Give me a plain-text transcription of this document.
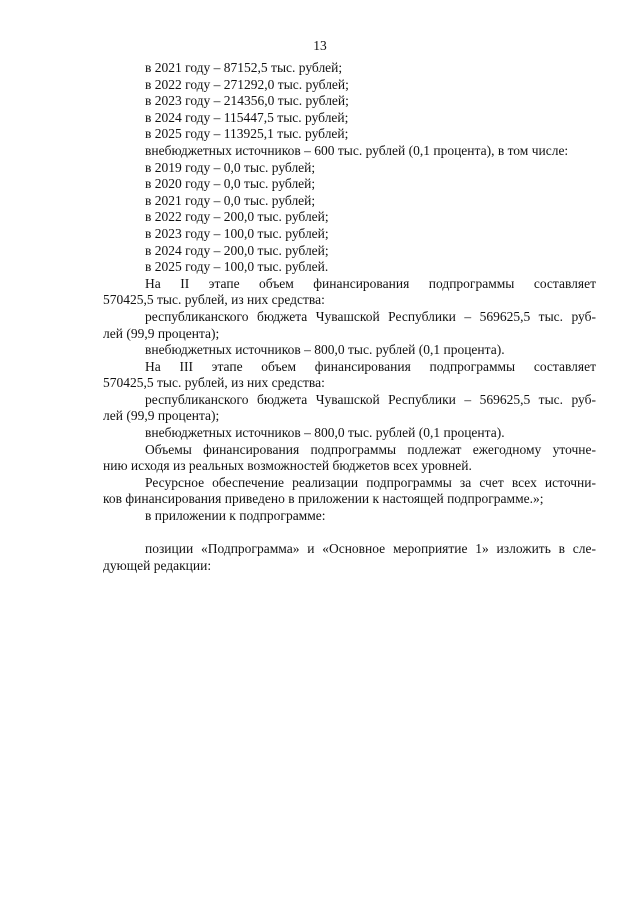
13
в 2021 году – 87152,5 тыс. рублей;
в 2022 году – 271292,0 тыс. рублей;
в 2023 году – 214356,0 тыс. рублей;
в 2024 году – 115447,5 тыс. рублей;
в 2025 году – 113925,1 тыс. рублей;
внебюджетных источников – 600 тыс. рублей (0,1 процента), в том числе:
в 2019 году – 0,0 тыс. рублей;
в 2020 году – 0,0 тыс. рублей;
в 2021 году – 0,0 тыс. рублей;
в 2022 году – 200,0 тыс. рублей;
в 2023 году – 100,0 тыс. рублей;
в 2024 году – 200,0 тыс. рублей;
в 2025 году – 100,0 тыс. рублей.
На II этапе объем финансирования подпрограммы составляет
570425,5 тыс. рублей, из них средства:
республиканского бюджета Чувашской Республики – 569625,5 тыс. руб-
лей (99,9 процента);
внебюджетных источников – 800,0 тыс. рублей (0,1 процента).
На III этапе объем финансирования подпрограммы составляет
570425,5 тыс. рублей, из них средства:
республиканского бюджета Чувашской Республики – 569625,5 тыс. руб-
лей (99,9 процента);
внебюджетных источников – 800,0 тыс. рублей (0,1 процента).
Объемы финансирования подпрограммы подлежат ежегодному уточне-
нию исходя из реальных возможностей бюджетов всех уровней.
Ресурсное обеспечение реализации подпрограммы за счет всех источни-
ков финансирования приведено в приложении к настоящей подпрограмме.»;
в приложении к подпрограмме:
позиции «Подпрограмма» и «Основное мероприятие 1» изложить в сле-
дующей редакции:
